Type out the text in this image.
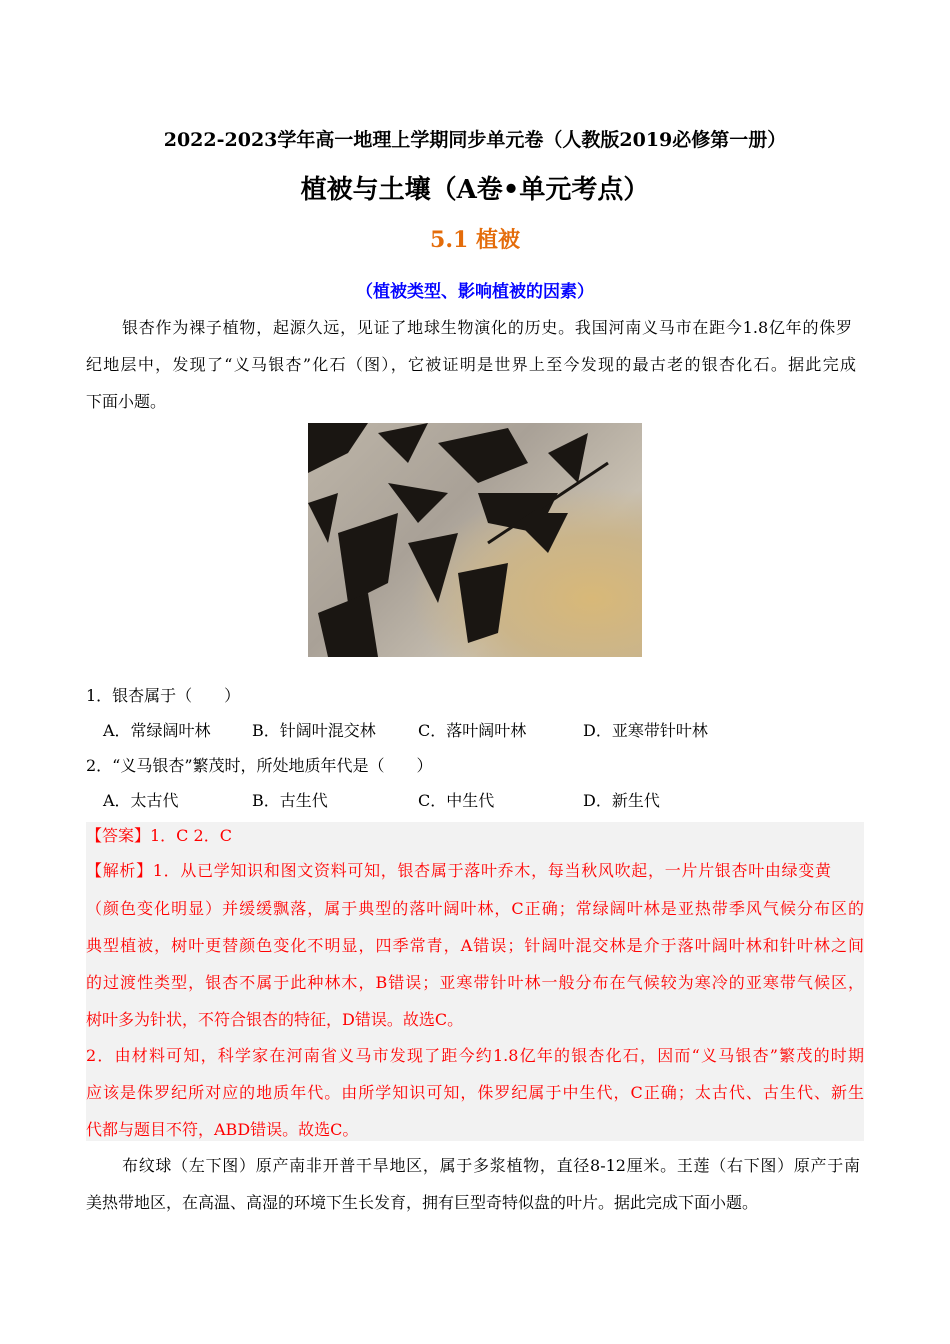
2022-2023学年高一地理上学期同步单元卷（人教版2019必修第一册）
植被与土壤（A卷•单元考点）
5.1 植被
（植被类型、影响植被的因素）
银杏作为裸子植物，起源久远，见证了地球生物演化的历史。我国河南义马市在距今1.8亿年的侏罗
纪地层中，发现了“义马银杏”化石（图），它被证明是世界上至今发现的最古老的银杏化石。据此完成
下面小题。
1．银杏属于（　　）
A．常绿阔叶林	B．针阔叶混交林	C．落叶阔叶林	D．亚寒带针叶林
2．“义马银杏”繁茂时，所处地质年代是（　　）
A．太古代	B．古生代	C．中生代	D．新生代
【答案】1．C 2．C
【解析】1．从已学知识和图文资料可知，银杏属于落叶乔木，每当秋风吹起，一片片银杏叶由绿变黄
（颜色变化明显）并缓缓飘落，属于典型的落叶阔叶林，C正确；常绿阔叶林是亚热带季风气候分布区的
典型植被，树叶更替颜色变化不明显，四季常青，A错误；针阔叶混交林是介于落叶阔叶林和针叶林之间
的过渡性类型，银杏不属于此种林木，B错误；亚寒带针叶林一般分布在气候较为寒冷的亚寒带气候区，
树叶多为针状，不符合银杏的特征，D错误。故选C。
2．由材料可知，科学家在河南省义马市发现了距今约1.8亿年的银杏化石，因而“义马银杏”繁茂的时期
应该是侏罗纪所对应的地质年代。由所学知识可知，侏罗纪属于中生代，C正确；太古代、古生代、新生
代都与题目不符，ABD错误。故选C。
布纹球（左下图）原产南非开普干旱地区，属于多浆植物，直径8-12厘米。王莲（右下图）原产于南
美热带地区，在高温、高湿的环境下生长发育，拥有巨型奇特似盘的叶片。据此完成下面小题。
